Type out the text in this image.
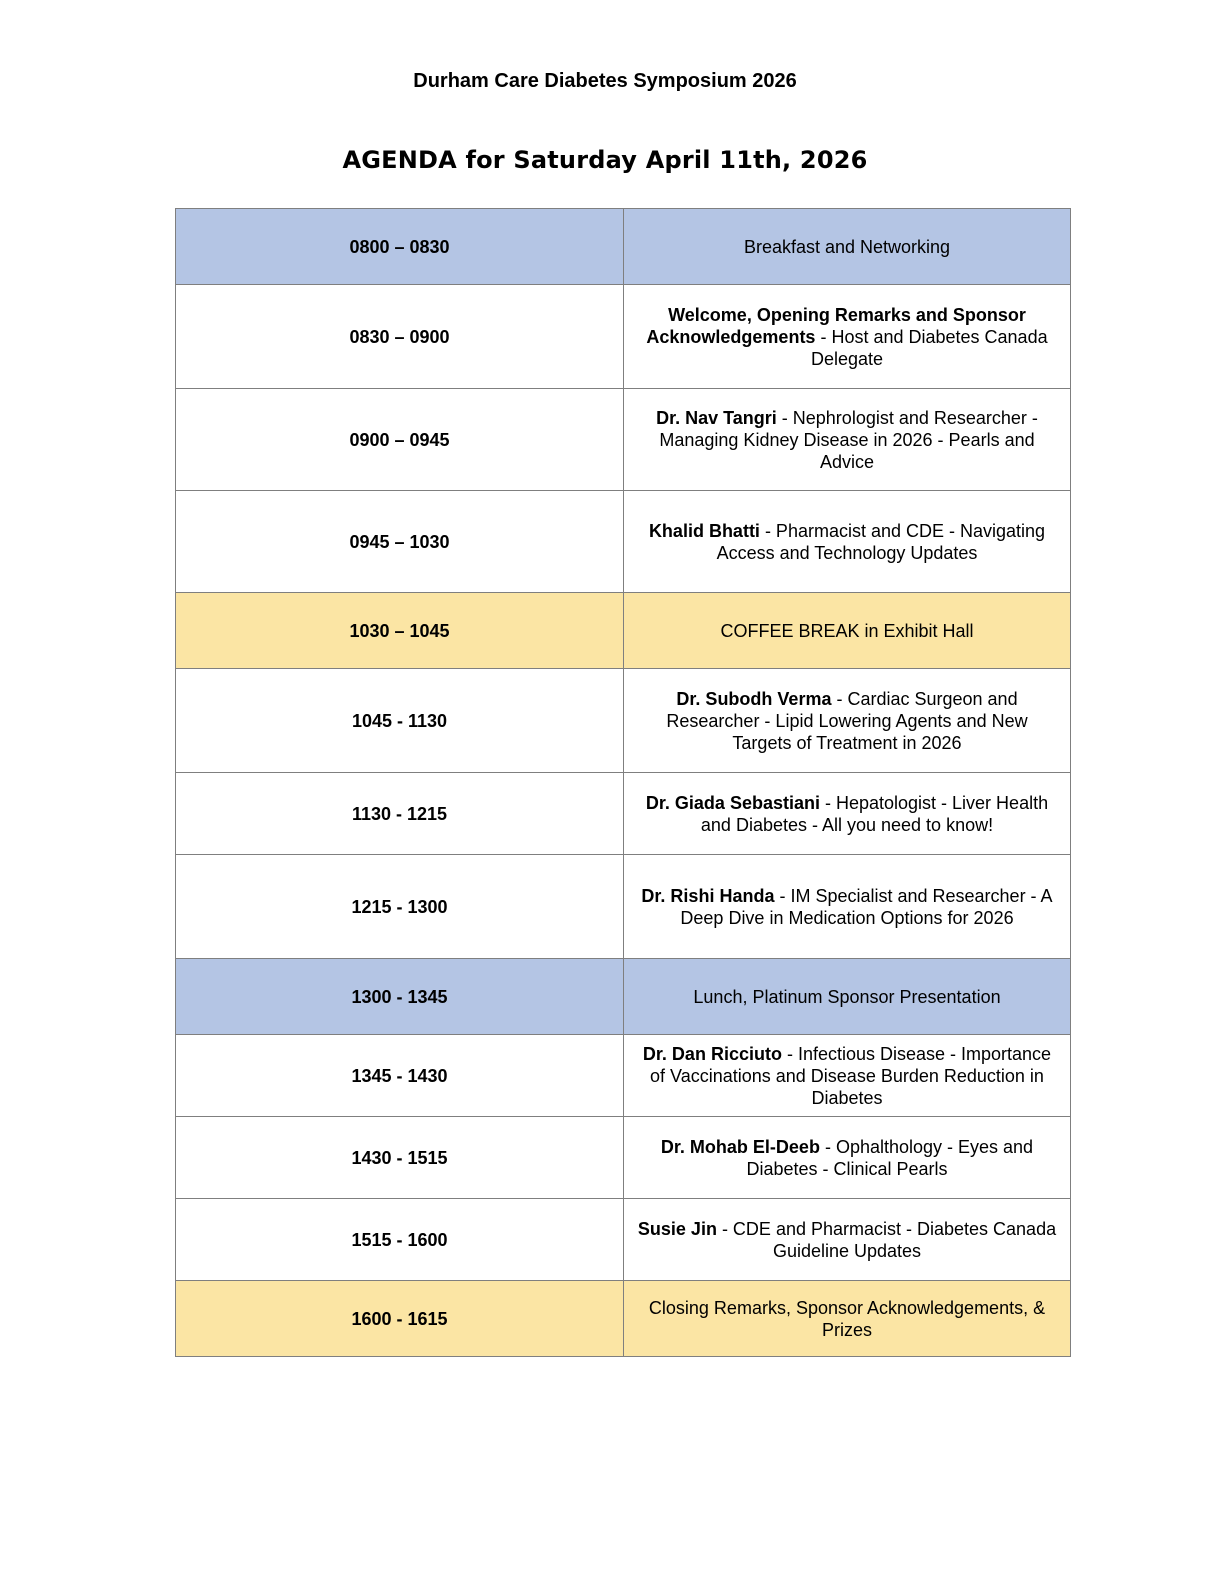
Durham Care Diabetes Symposium 2026
AGENDA for Saturday April 11th, 2026
0800 – 0830	Breakfast and Networking
0830 – 0900	Welcome, Opening Remarks and Sponsor Acknowledgements - Host and Diabetes Canada Delegate
0900 – 0945	Dr. Nav Tangri - Nephrologist and Researcher - Managing Kidney Disease in 2026 - Pearls and Advice
0945 – 1030	Khalid Bhatti - Pharmacist and CDE - Navigating Access and Technology Updates
1030 – 1045	COFFEE BREAK in Exhibit Hall
1045 - 1130	Dr. Subodh Verma - Cardiac Surgeon and Researcher - Lipid Lowering Agents and New Targets of Treatment in 2026
1130 - 1215	Dr. Giada Sebastiani - Hepatologist - Liver Health and Diabetes - All you need to know!
1215 - 1300	Dr. Rishi Handa - IM Specialist and Researcher - A Deep Dive in Medication Options for 2026
1300 - 1345	Lunch, Platinum Sponsor Presentation
1345 - 1430	Dr. Dan Ricciuto - Infectious Disease - Importance of Vaccinations and Disease Burden Reduction in Diabetes
1430 - 1515	Dr. Mohab El-Deeb - Ophalthology - Eyes and Diabetes - Clinical Pearls
1515 - 1600	Susie Jin - CDE and Pharmacist - Diabetes Canada Guideline Updates
1600 - 1615	Closing Remarks, Sponsor Acknowledgements, & Prizes
